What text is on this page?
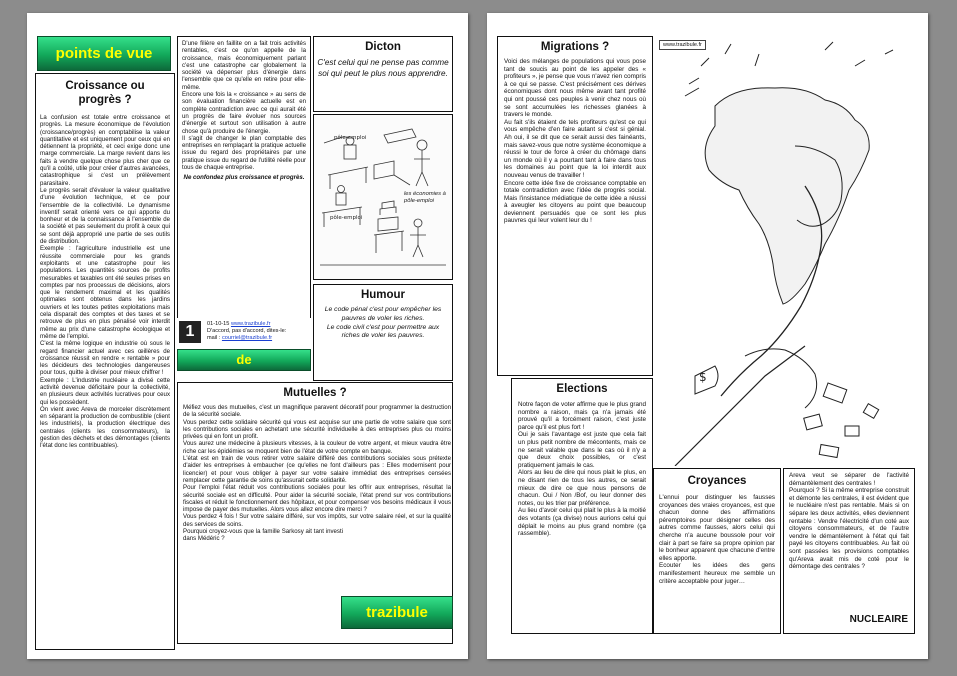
points de vue
Croissance ou progrès ?

La confusion est totale entre croissance et progrès. La mesure économique de l'évolution (croissance/progrès) en comptabilise la valeur quantitative et est uniquement pour ceux qui en détiennent la propriété, et ceci exige donc une marge commerciale. La marge revient dans les faits à vendre quelque chose plus cher que ce qu'il a coûté, utile pour créer d'autres avancées, catastrophique si c'est un prélèvement parasitaire.

Le progrès serait d'évaluer la valeur qualitative d'une évolution technique, et ce pour l'ensemble de la collectivité. Le dynamisme inventif serait orienté vers ce qui apporte du bonheur et de la connaissance à l'ensemble de la société et pas seulement du profit à ceux qui se sont déjà approprié une partie de ses outils de distribution.

Exemple : l'agriculture industrielle est une réussite commerciale pour les grands exploitants et une catastrophe pour les populations. Les quantités sources de profits mesurables et taxables ont été seules prises en comptes par nos processus de décisions, alors que le rendement maximal et les qualités optimales sont obtenus dans les jardins ouvriers et les toutes petites exploitations mais cela disparait des comptes et des taxes et se retrouve de plus en plus pénalisé voir interdit même au prix d'une catastrophe écologique et même de l'emploi.

C'est la même logique en industrie où sous le regard financier actuel avec ces œillères de croissance réussit en rendre « rentable » pour les décideurs des technologies dangereuses pour tous, quitte à diviser pour mieux chiffrer !

Exemple : L'industrie nucléaire a divisé cette activité devenue déficitaire pour la collectivité, en plusieurs deux activités lucratives pour ceux qui les possèdent.

On vient avec Areva de morceler discrètement en séparant la production de combustible (client les industriels), la production électrique des centrales (clients les consommateurs), la gestion des déchets et des démontages (clients l'état donc les contribuables).

D'une filière en faillite on a fait trois activités rentables, c'est ce qu'on appelle de la croissance, mais économiquement parlant c'est une catastrophe car globalement la société va dépenser plus d'énergie dans l'ensemble que ce qu'elle en retire pour elle-même.

Encore une fois la « croissance » au sens de son évaluation financière actuelle est en complète contradiction avec ce qui aurait été un progrès de faire évoluer nos sources d'énergie et surtout son utilisation à autre chose qu'à produire de l'énergie.

Il s'agit de changer le plan comptable des entreprises en remplaçant la pratique actuelle issue du regard des propriétaires par une pratique issue du regard de l'utilité réelle pour tous de chaque entreprise.

Ne confondez plus croissance et progrès.

Dicton
C'est celui qui ne pense pas comme soi qui peut le plus nous apprendre.
pôle-emploi
pôle-emploi
les économies à pôle-emploi
Humour
Le code pénal c'est pour empêcher les pauvres de voler les riches.
Le code civil c'est pour permettre aux riches de voler les pauvres.
1	01-10-15 www.trazibule.fr
D'accord, pas d'accord, dites-le:
mail : courriel@trazibule.fr
de
Mutuelles ?

Méfiez vous des mutuelles, c'est un magnifique paravent décoratif pour programmer la destruction de la sécurité sociale.

Vous perdez cette solidaire sécurité qui vous est acquise sur une partie de votre salaire que sont les contributions sociales en achetant une sécurité individuelle à des entreprises plus ou moins privées qui en font un profit.

Vous aurez une médecine à plusieurs vitesses, à la couleur de votre argent, et mieux vaudra être riche car les épidémies se moquent bien de l'état de votre compte en banque.

L'état est en train de vous retirer votre salaire différé des contributions sociales sous prétexte d'aider les entreprises à embaucher (ce qu'elles ne font d'ailleurs pas : Elles modernisent pour licencier) et pour vous obliger à payer sur votre salaire immédiat des entreprises censées remplacer cette garantie de soins qu'assurait cette solidarité.

Pour l'emploi l'état réduit vos contributions sociales pour les offrir aux entreprises, résultat la sécurité sociale est en difficulté. Pour aider la sécurité sociale, l'état prend sur vos contributions fiscales et réduit le fonctionnement des hôpitaux, et pour compenser vos besoins médicaux il vous impose de payer des mutuelles. Alors vous allez encore dire merci ?

Vous perdez 4 fois ! Sur votre salaire différé, sur vos impôts, sur votre salaire réel, et sur la qualité des services de soins.

Pourquoi croyez-vous que la famille Sarkosy ait tant investi dans Médéric ?

trazibule
Migrations ?

Voici des mélanges de populations qui vous pose tant de soucis au point de les appeler des « profiteurs », je pense que vous n'avez rien compris à ce qui se passe. C'est précisément ces dérives économiques dont nous même avant tant profité qui ont poussé ces peuples à venir chez nous où se sont accumulées les richesses glanées à travers le monde.

Au fait s'ils étaient de tels profiteurs qu'est ce qui vous empêche d'en faire autant si c'est si génial. Ah oui, il se dit que ce serait aussi des fainéants, mais savez-vous que notre système économique a réussi le tour de force à créer du chômage dans un monde où il y a pourtant tant à faire dans tous les domaines au point que la loi interdit aux nouveau venus de travailler !

Encore cette idée fixe de croissance comptable en totale contradiction avec l'idée de progrès social. Mais l'insistance médiatique de cette idée a réussi à aveugler les citoyens au point que beaucoup deviennent persuadés que ce sont les plus pauvres qui leur volent leur du !

www.trazibule.fr
$
Elections

Notre façon de voter affirme que le plus grand nombre a raison, mais ça n'a jamais été prouvé qu'il a forcément raison, c'est juste parce qu'il est plus fort !

Oui je sais l'avantage est juste que cela fait un plus petit nombre de mécontents, mais ce ne serait valable que dans le cas où il n'y a que deux choix possibles, or c'est pratiquement jamais le cas.

Alors au lieu de dire qui nous plait le plus, en ne disant rien de tous les autres, ce serait mieux de dire ce que nous pensons de chacun. Oui / Non /Bof, ou leur donner des notes, ou les trier par préférence.

Au lieu d'avoir celui qui plait le plus à la moitié des votants (ça divise) nous aurions celui qui déplait le moins au plus grand nombre (ça rassemble).

Croyances

L'ennui pour distinguer les fausses croyances des vraies croyances, est que chacun donne des affirmations péremptoires pour désigner celles des autres comme fausses, alors celui qui cherche n'a aucune boussole pour voir clair à part se faire sa propre opinion par le bonheur apparent que chacune d'entre elles apporte.

Ecouter les idées des gens manifestement heureux me semble un critère acceptable pour juger…

Areva veut se séparer de l'activité démantèlement des centrales !

Pourquoi ? Si la même entreprise construit et démonte les centrales, il est évident que le nucléaire n'est pas rentable. Mais si on sépare les deux activités, elles deviennent rentable : Vendre l'électricité d'un coté aux citoyens consommateurs, et de l'autre vendre le démantèlement à l'état qui fait payé les citoyens contribuables. Au fait où sont passées les provisions comptables qu'Areva avait mis de coté pour le démontage des centrales ?

NUCLEAIRE
